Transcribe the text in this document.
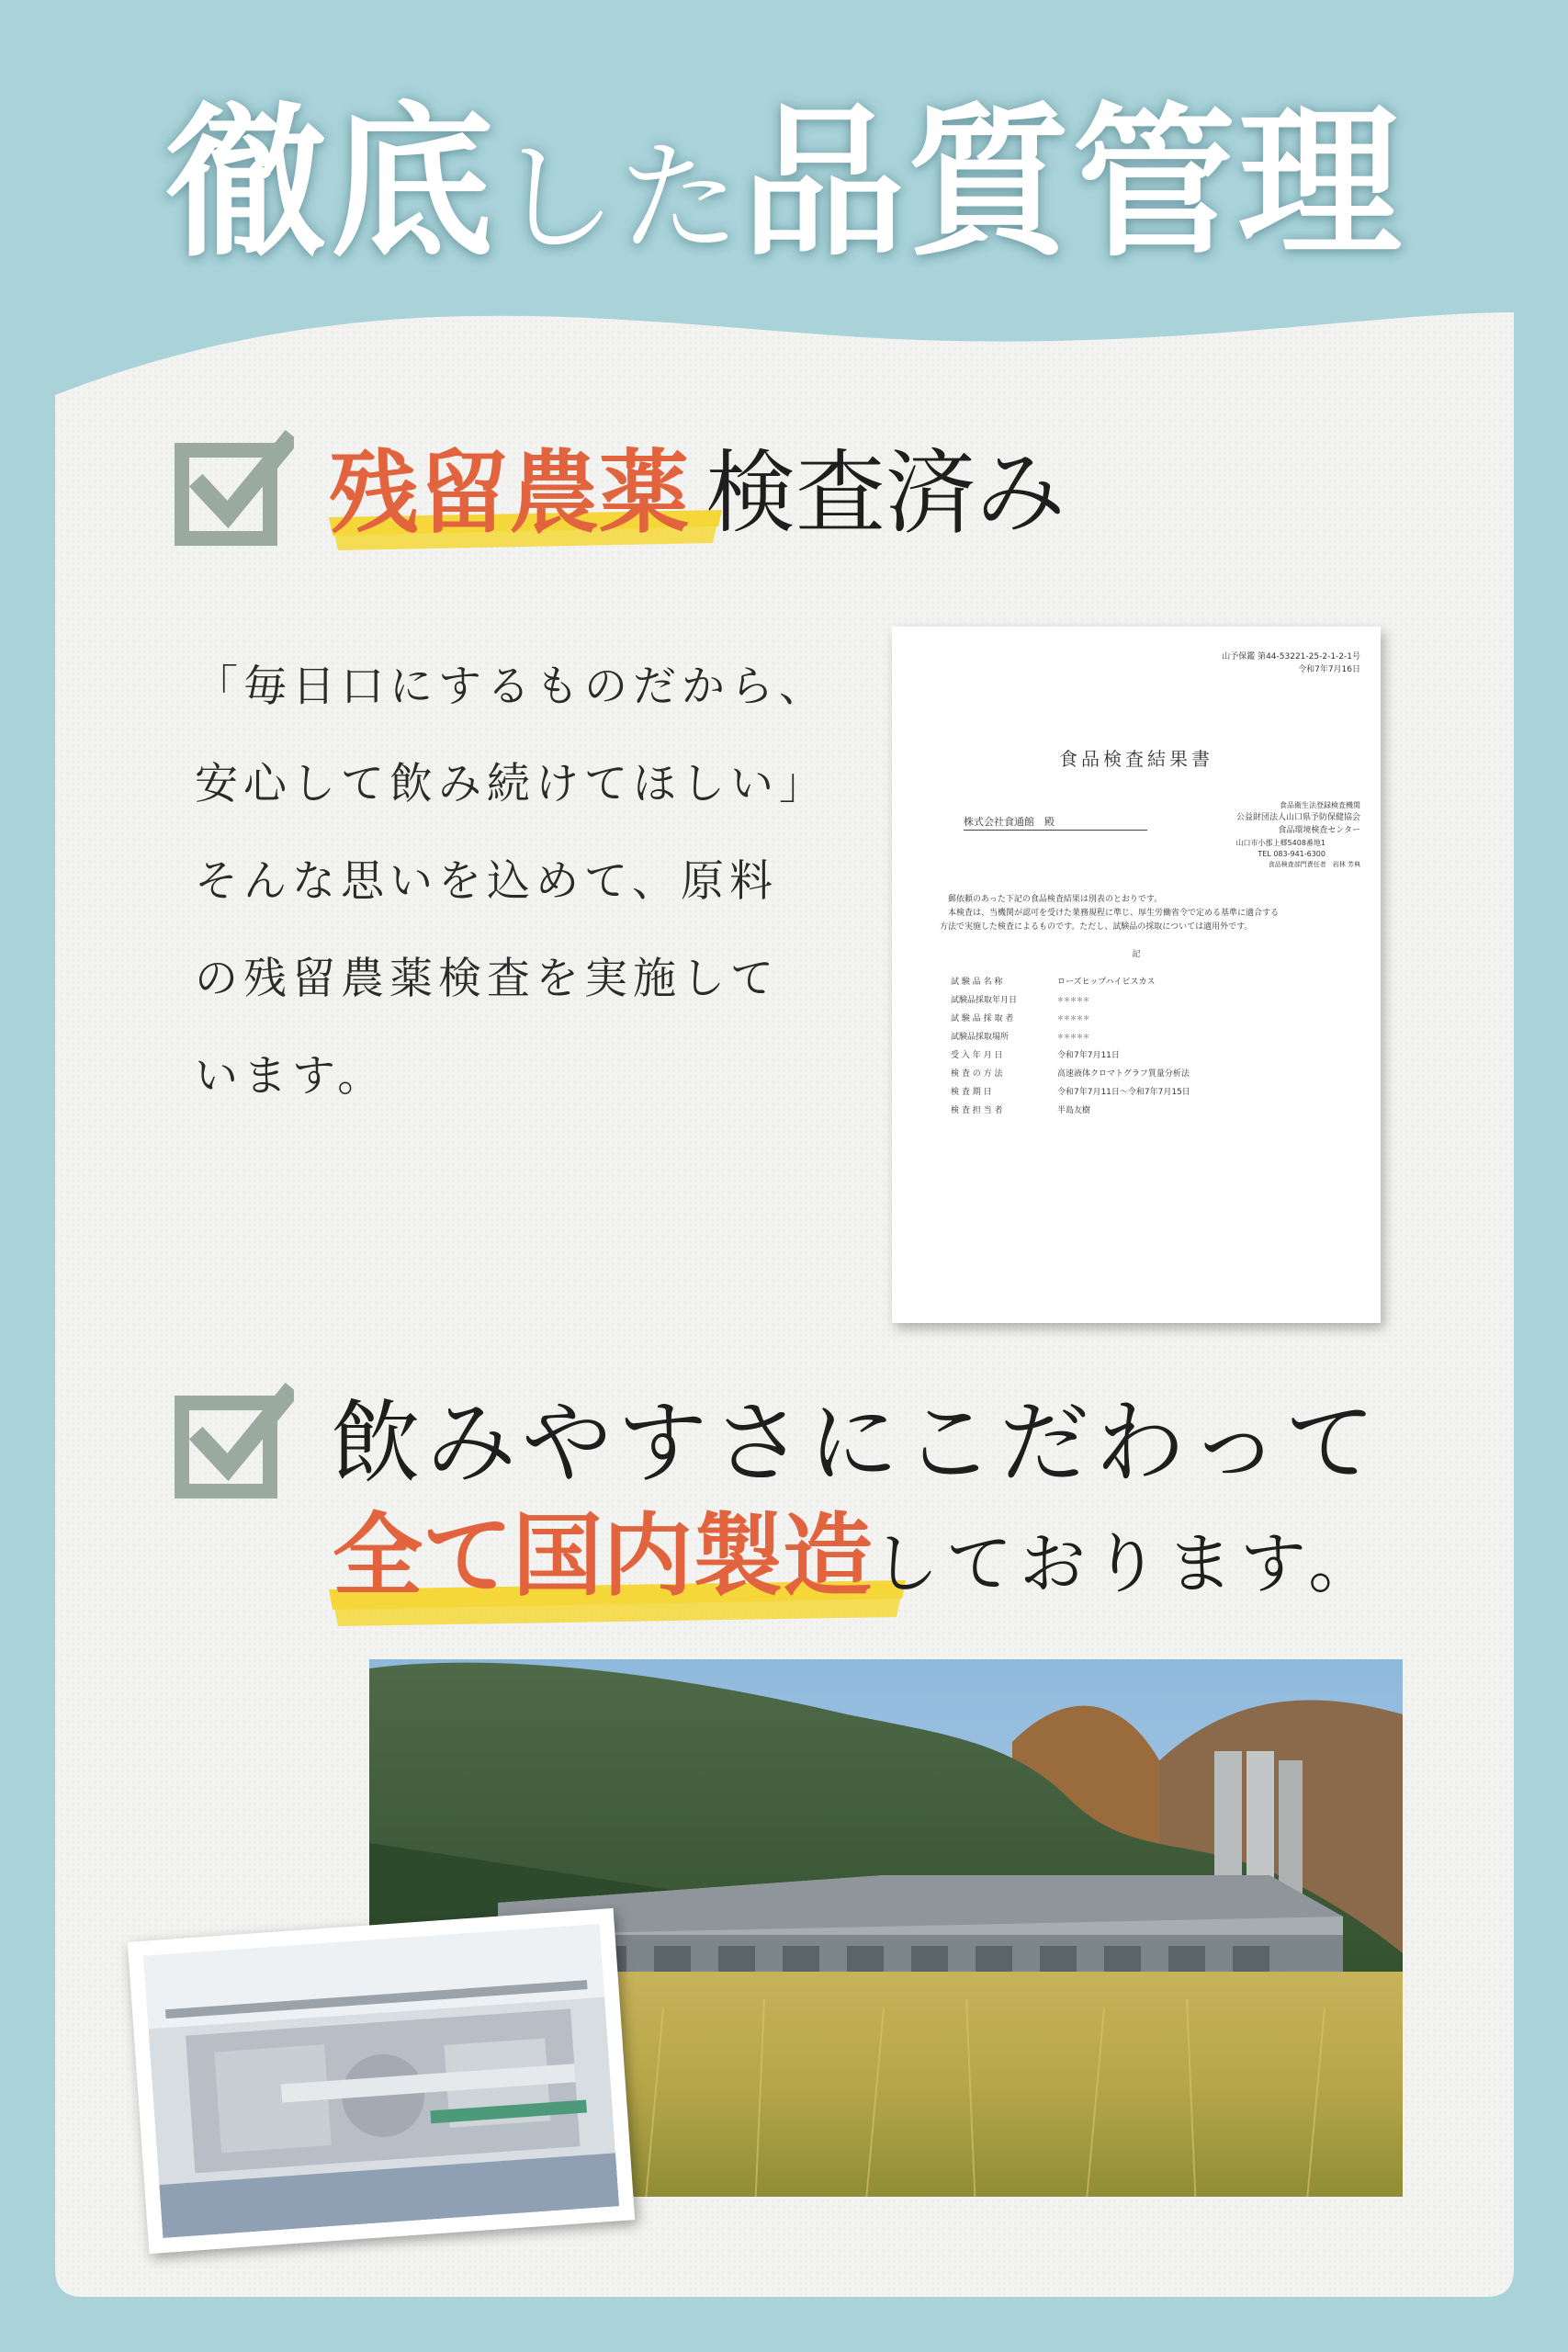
徹底した品質管理
残留農薬 検査済み
「毎日口にするものだから、
安心して飲み続けてほしい」
そんな思いを込めて、原料
の残留農薬検査を実施して
います。
山予保鑑 第44-53221-25-2-1-2-1号
令和7年7月16日
食品検査結果書
株式会社食通館　殿
食品衛生法登録検査機関
公益財団法人山口県予防保健協会
食品環境検査センター
山口市小郡上郷5408番地1
TEL 083-941-6300
食品検査部門責任者　岩林 芳典
　郵依頼のあった下記の食品検査結果は別表のとおりです。
　本検査は、当機関が認可を受けた業務規程に準じ、厚生労働省令で定める基準に適合する
方法で実施した検査によるものです。ただし、試験品の採取については適用外です。
記
試 験 品 名 称	ローズヒップハイビスカス
試験品採取年月日	＊＊＊＊＊
試 験 品 採 取 者	＊＊＊＊＊
試験品採取場所	＊＊＊＊＊
受 入 年 月 日	令和7年7月11日
検 査 の 方 法	高速液体クロマトグラフ質量分析法
検 査 期 日	令和7年7月11日～令和7年7月15日
検 査 担 当 者	半島友樹
飲みやすさにこだわって
全て国内製造しております。
